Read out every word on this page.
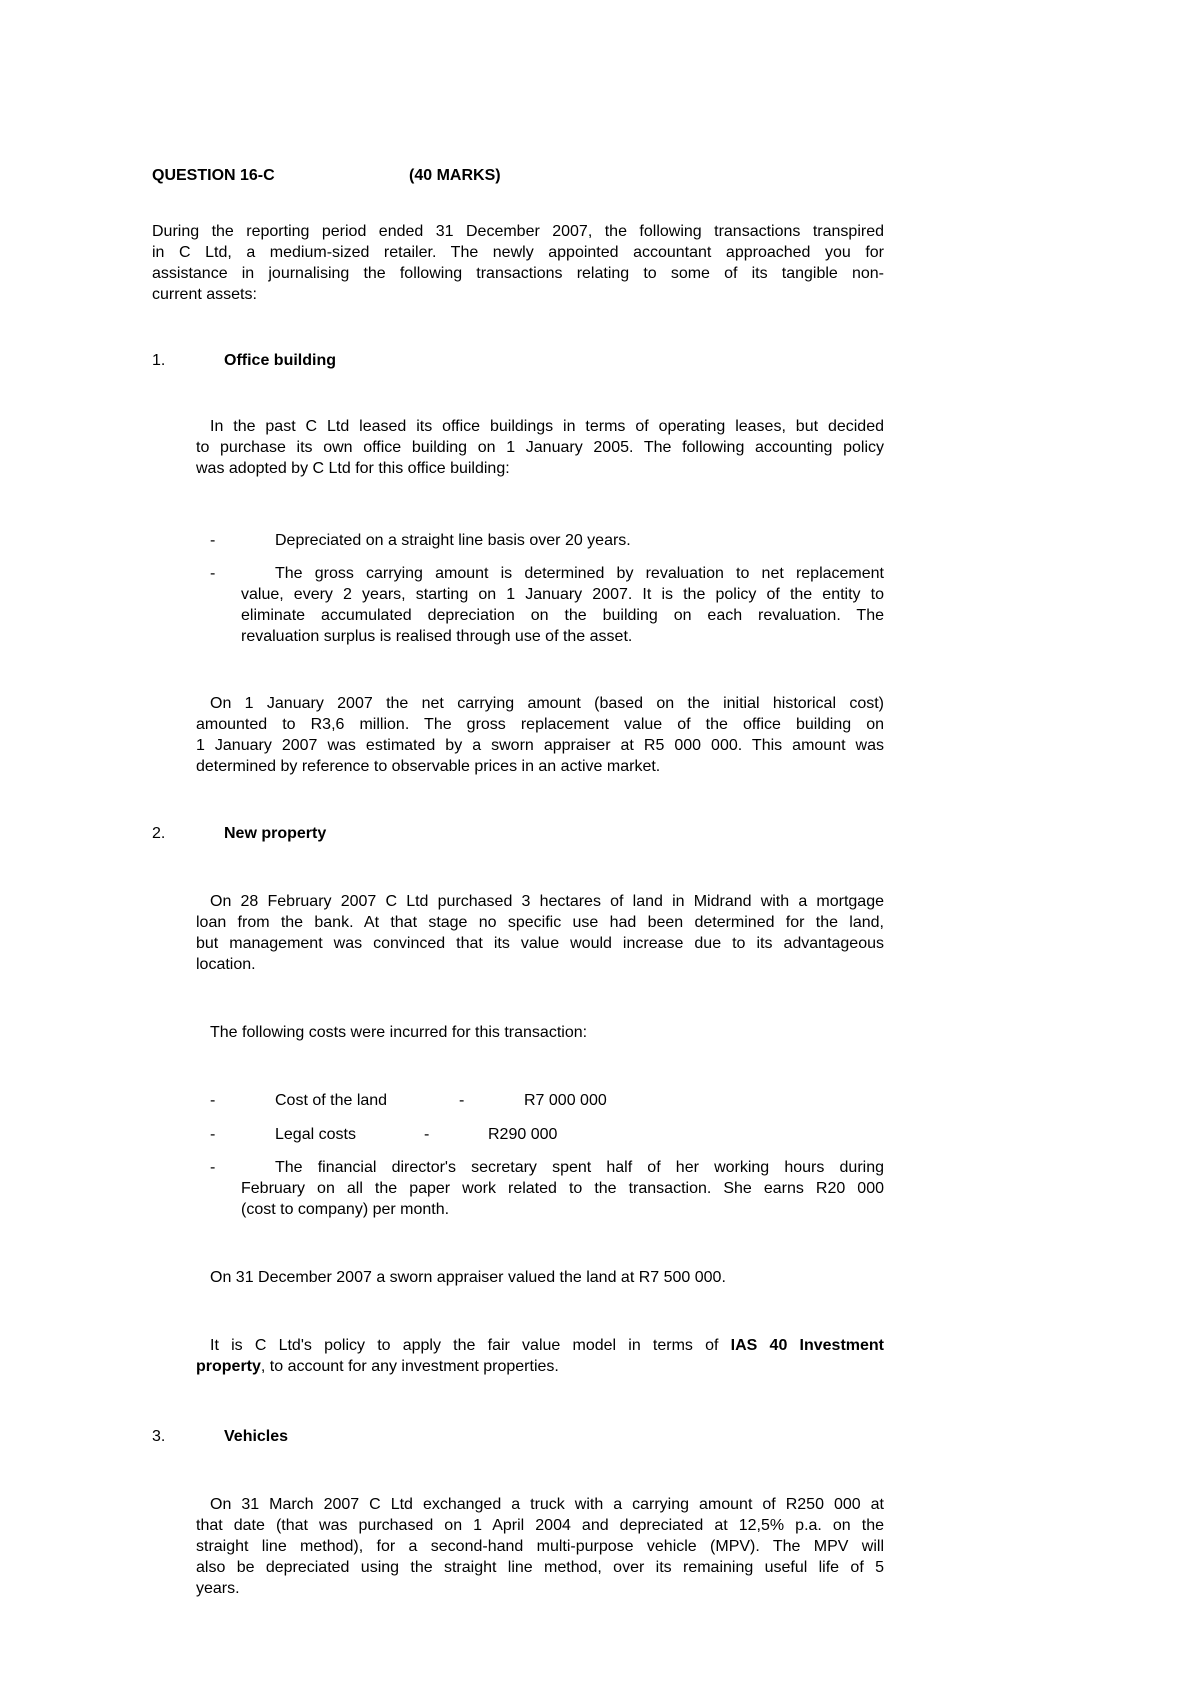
QUESTION 16-C	(40 MARKS)
During the reporting period ended 31 December 2007, the following transactions transpired
in C Ltd, a medium-sized retailer. The newly appointed accountant approached you for
assistance in journalising the following transactions relating to some of its tangible non-
current assets:
1.	Office building
In the past C Ltd leased its office buildings in terms of operating leases, but decided
to purchase its own office building on 1 January 2005. The following accounting policy
was adopted by C Ltd for this office building:
-	Depreciated on a straight line basis over 20 years.
-	The gross carrying amount is determined by revaluation to net replacement
value, every 2 years, starting on 1 January 2007. It is the policy of the entity to
eliminate accumulated depreciation on the building on each revaluation. The
revaluation surplus is realised through use of the asset.
On 1 January 2007 the net carrying amount (based on the initial historical cost)
amounted to R3,6 million. The gross replacement value of the office building on
1 January 2007 was estimated by a sworn appraiser at R5 000 000. This amount was
determined by reference to observable prices in an active market.
2.	New property
On 28 February 2007 C Ltd purchased 3 hectares of land in Midrand with a mortgage
loan from the bank. At that stage no specific use had been determined for the land,
but management was convinced that its value would increase due to its advantageous
location.
The following costs were incurred for this transaction:
-	Cost of the land	-	R7 000 000
-	Legal costs	-	R290 000
-	The financial director's secretary spent half of her working hours during
February on all the paper work related to the transaction. She earns R20 000
(cost to company) per month.
On 31 December 2007 a sworn appraiser valued the land at R7 500 000.
It is C Ltd's policy to apply the fair value model in terms of IAS 40 Investment
property, to account for any investment properties.
3.	Vehicles
On 31 March 2007 C Ltd exchanged a truck with a carrying amount of R250 000 at
that date (that was purchased on 1 April 2004 and depreciated at 12,5% p.a. on the
straight line method), for a second-hand multi-purpose vehicle (MPV). The MPV will
also be depreciated using the straight line method, over its remaining useful life of 5
years.
